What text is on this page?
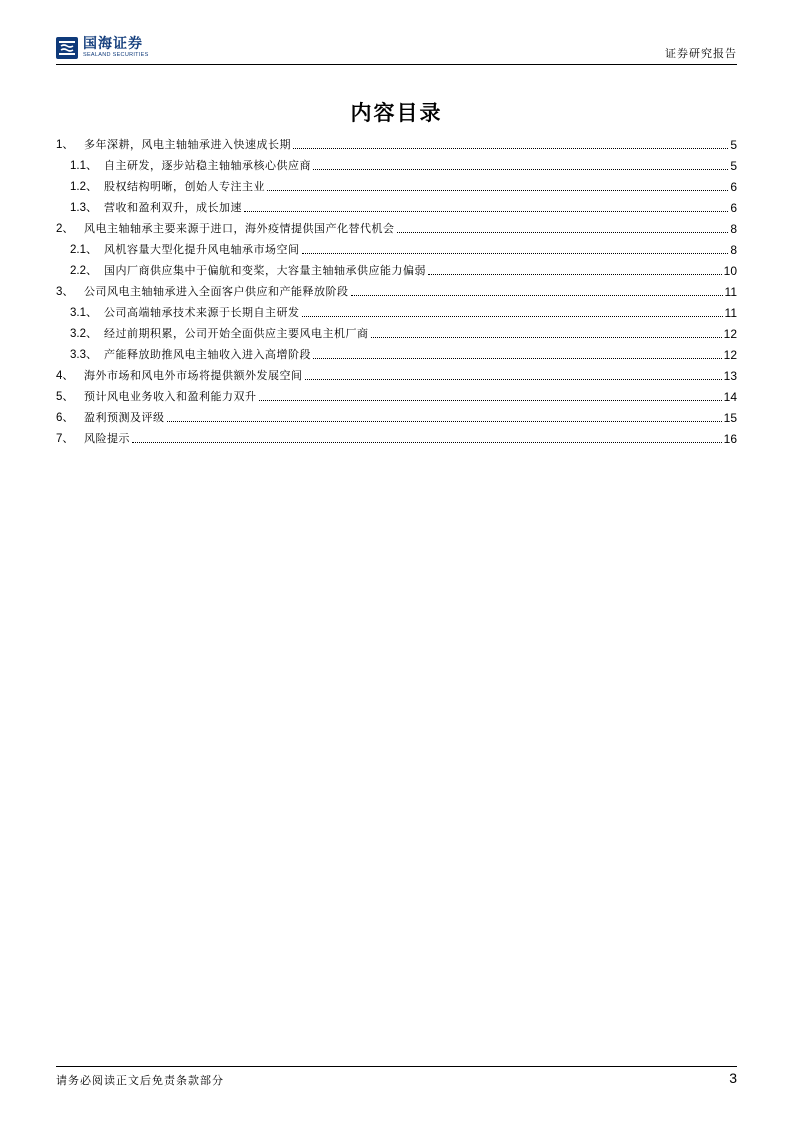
国海证券
SEALAND SECURITIES	证券研究报告
内容目录
1、 多年深耕，风电主轴轴承进入快速成长期	5
1.1、 自主研发，逐步站稳主轴轴承核心供应商	5
1.2、 股权结构明晰，创始人专注主业	6
1.3、 营收和盈利双升，成长加速	6
2、 风电主轴轴承主要来源于进口，海外疫情提供国产化替代机会	8
2.1、 风机容量大型化提升风电轴承市场空间	8
2.2、 国内厂商供应集中于偏航和变桨，大容量主轴轴承供应能力偏弱	10
3、 公司风电主轴轴承进入全面客户供应和产能释放阶段	11
3.1、 公司高端轴承技术来源于长期自主研发	11
3.2、 经过前期积累，公司开始全面供应主要风电主机厂商	12
3.3、 产能释放助推风电主轴收入进入高增阶段	12
4、 海外市场和风电外市场将提供额外发展空间	13
5、 预计风电业务收入和盈利能力双升	14
6、 盈利预测及评级	15
7、 风险提示	16
请务必阅读正文后免责条款部分	3
